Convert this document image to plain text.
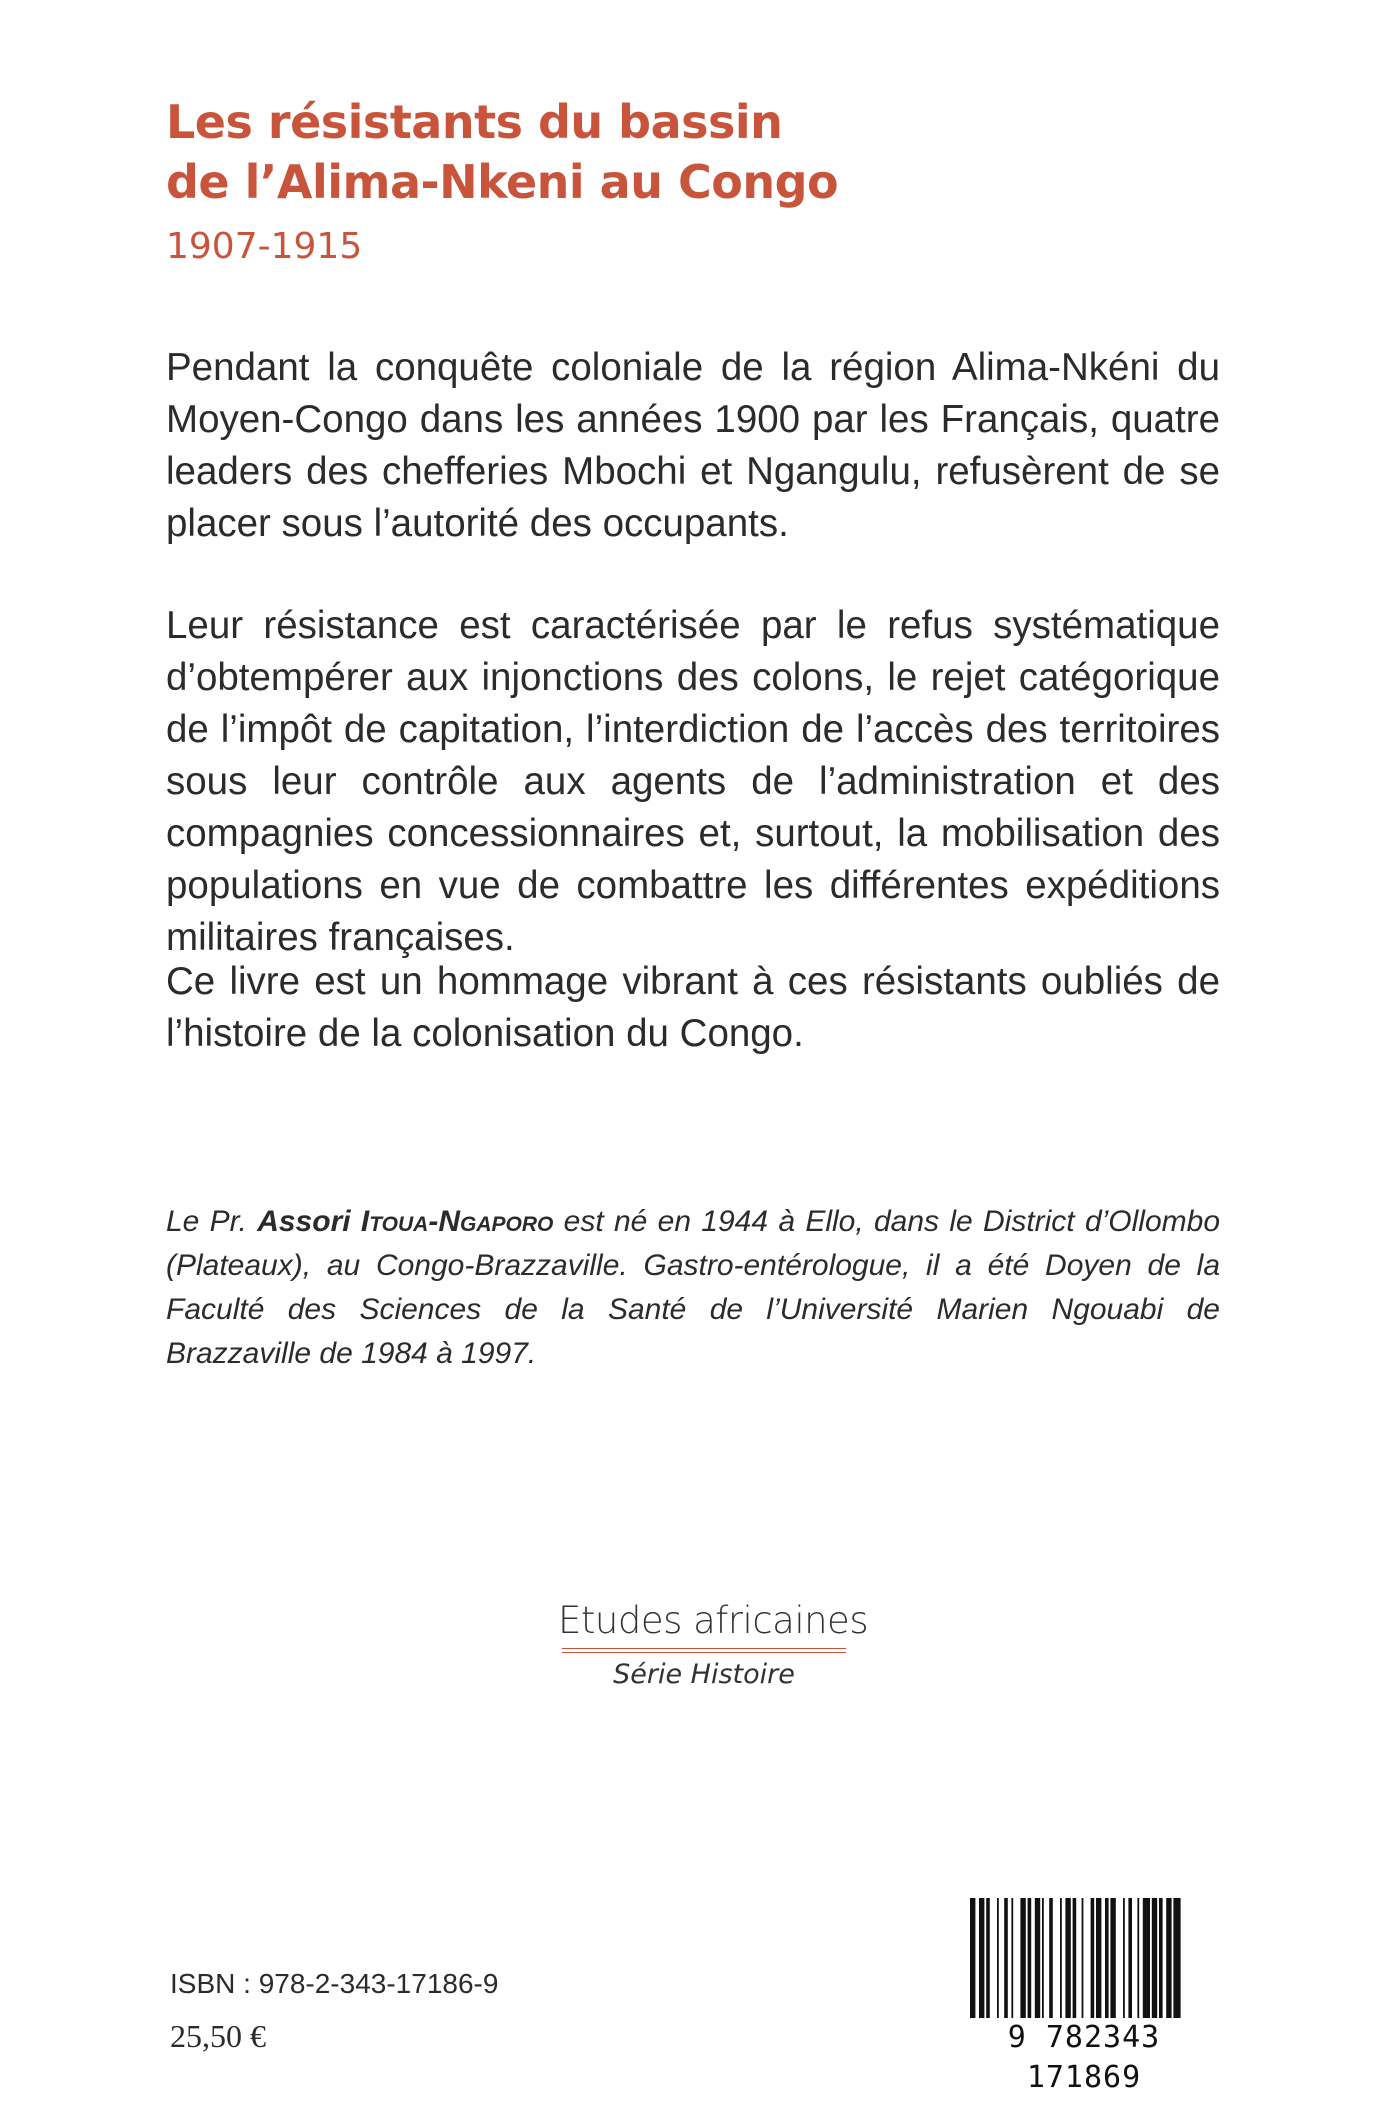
Les résistants du bassin
de l’Alima-Nkeni au Congo
1907-1915

Pendant la conquête coloniale de la région Alima-Nkéni du Moyen-Congo dans les années 1900 par les Français, quatre leaders des chefferies Mbochi et Ngangulu, refusèrent de se placer sous l’autorité des occupants.

Leur résistance est caractérisée par le refus systématique d’obtempérer aux injonctions des colons, le rejet catégorique de l’impôt de capitation, l’interdiction de l’accès des territoires sous leur contrôle aux agents de l’administration et des compagnies concessionnaires et, surtout, la mobilisation des populations en vue de combattre les différentes expéditions militaires françaises.

Ce livre est un hommage vibrant à ces résistants oubliés de l’histoire de la colonisation du Congo.

Le Pr. Assori Itoua-Ngaporo est né en 1944 à Ello, dans le District d’Ollombo (Plateaux), au Congo-Brazzaville. Gastro-entérologue, il a été Doyen de la Faculté des Sciences de la Santé de l’Université Marien Ngouabi de Brazzaville de 1984 à 1997.

Etudes africaines
Série Histoire
ISBN : 978-2-343-17186-9
25,50 €	9 782343 171869
